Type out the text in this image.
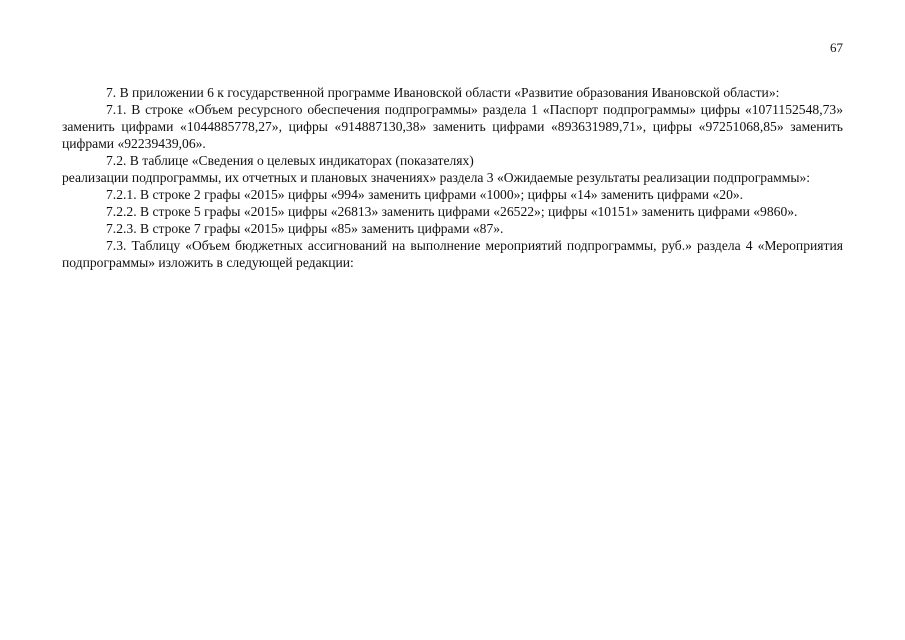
67

7. В приложении 6 к государственной программе Ивановской области «Развитие образования Ивановской области»:

7.1. В строке «Объем ресурсного обеспечения подпрограммы» раздела 1 «Паспорт подпрограммы» цифры «1071152548,73» заменить цифрами «1044885778,27», цифры «914887130,38» заменить цифрами «893631989,71», цифры «97251068,85» заменить цифрами «92239439,06».

7.2. В таблице «Сведения о целевых индикаторах (показателях)

реализации подпрограммы, их отчетных и плановых значениях» раздела 3 «Ожидаемые результаты реализации подпрограммы»:

7.2.1. В строке 2 графы «2015» цифры «994» заменить цифрами «1000»; цифры «14» заменить цифрами «20».

7.2.2. В строке 5 графы «2015» цифры «26813» заменить цифрами «26522»; цифры «10151» заменить цифрами «9860».

7.2.3. В строке 7 графы «2015» цифры «85» заменить цифрами «87».

7.3. Таблицу «Объем бюджетных ассигнований на выполнение мероприятий подпрограммы, руб.» раздела 4 «Мероприятия подпрограммы» изложить в следующей редакции:
